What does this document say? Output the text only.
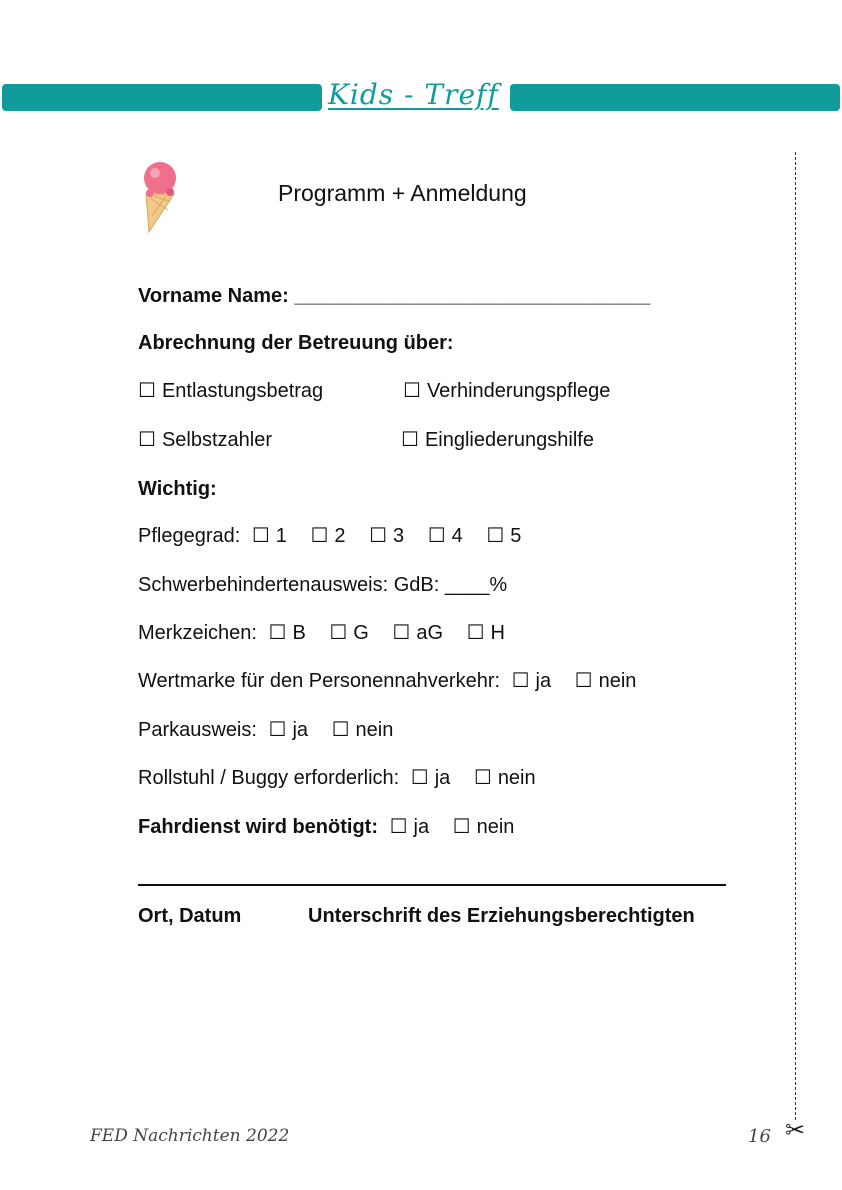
Kids - Treff
✂
Programm + Anmeldung
Vorname Name: ________________________________
Abrechnung der Betreuung über:
☐ Entlastungsbetrag	☐ Verhinderungspflege
☐ Selbstzahler	☐ Eingliederungshilfe
Wichtig:
Pflegegrad: ☐ 1 ☐ 2 ☐ 3 ☐ 4 ☐ 5
Schwerbehindertenausweis: GdB: ____%
Merkzeichen: ☐ B ☐ G ☐ aG ☐ H
Wertmarke für den Personennahverkehr: ☐ ja ☐ nein
Parkausweis: ☐ ja ☐ nein
Rollstuhl / Buggy erforderlich: ☐ ja ☐ nein
Fahrdienst wird benötigt: ☐ ja ☐ nein
Ort, Datum	Unterschrift des Erziehungsberechtigten
FED Nachrichten 2022	16
